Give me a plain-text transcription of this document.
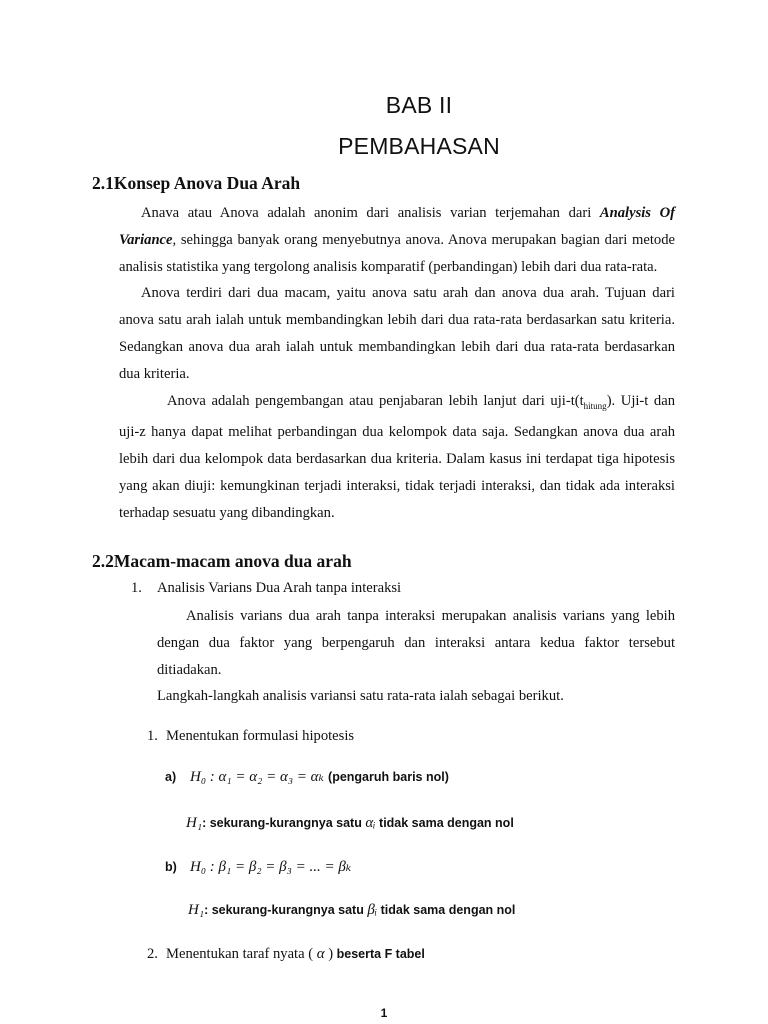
BAB II
PEMBAHASAN
2.1Konsep Anova Dua Arah

Anava atau Anova adalah anonim dari analisis varian terjemahan dari Analysis Of Variance, sehingga banyak orang menyebutnya anova. Anova merupakan bagian dari metode analisis statistika yang tergolong analisis komparatif (perbandingan) lebih dari dua rata-rata.

Anova terdiri dari dua macam, yaitu anova satu arah dan anova dua arah. Tujuan dari anova satu arah ialah untuk membandingkan lebih dari dua rata-rata berdasarkan satu kriteria. Sedangkan anova dua arah ialah untuk membandingkan lebih dari dua rata-rata berdasarkan dua kriteria.

Anova adalah pengembangan atau penjabaran lebih lanjut dari uji-$t(t_{hitung})$. Uji-t dan uji-z hanya dapat melihat perbandingan dua kelompok data saja. Sedangkan anova dua arah lebih dari dua kelompok data berdasarkan dua kriteria. Dalam kasus ini terdapat tiga hipotesis yang akan diuji: kemungkinan terjadi interaksi, tidak terjadi interaksi, dan tidak ada interaksi terhadap sesuatu yang dibandingkan.

2.2Macam-macam anova dua arah
1. Analisis Varians Dua Arah tanpa interaksi

Analisis varians dua arah tanpa interaksi merupakan analisis varians yang lebih dengan dua faktor yang berpengaruh dan interaksi antara kedua faktor tersebut ditiadakan.

Langkah-langkah analisis variansi satu rata-rata ialah sebagai berikut.

1. Menentukan formulasi hipotesis
a) H₀ : α₁ = α₂ = α₃ = αₖ (pengaruh baris nol)
H₁: sekurang-kurangnya satu αᵢ tidak sama dengan nol
b) H₀ : β₁ = β₂ = β₃ = ... = βₖ
H₁: sekurang-kurangnya satu βᵢ tidak sama dengan nol
2. Menentukan taraf nyata ( α ) beserta F tabel
1
